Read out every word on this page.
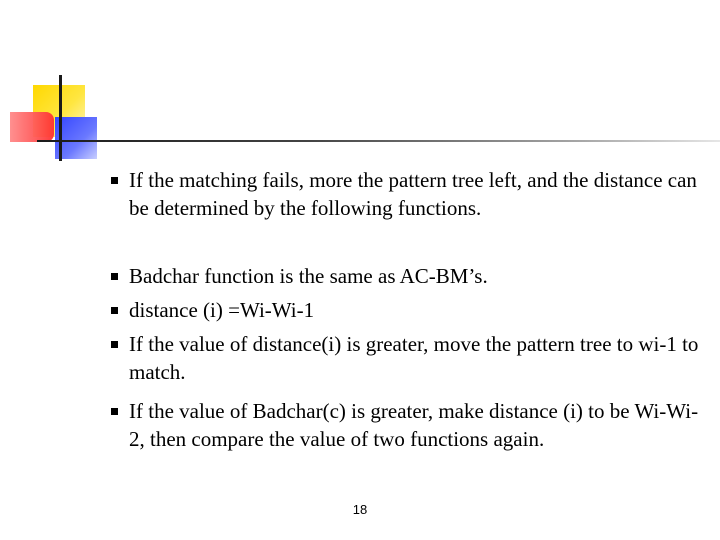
If the matching fails, more the pattern tree left, and the distance can be determined by the following functions.
Badchar function is the same as AC-BM’s.
distance (i) =Wi-Wi-1
If the value of distance(i) is greater, move the pattern tree to wi-1 to match.
If the value of Badchar(c) is greater, make distance (i) to be Wi-Wi-2, then compare the value of two functions again.
18
